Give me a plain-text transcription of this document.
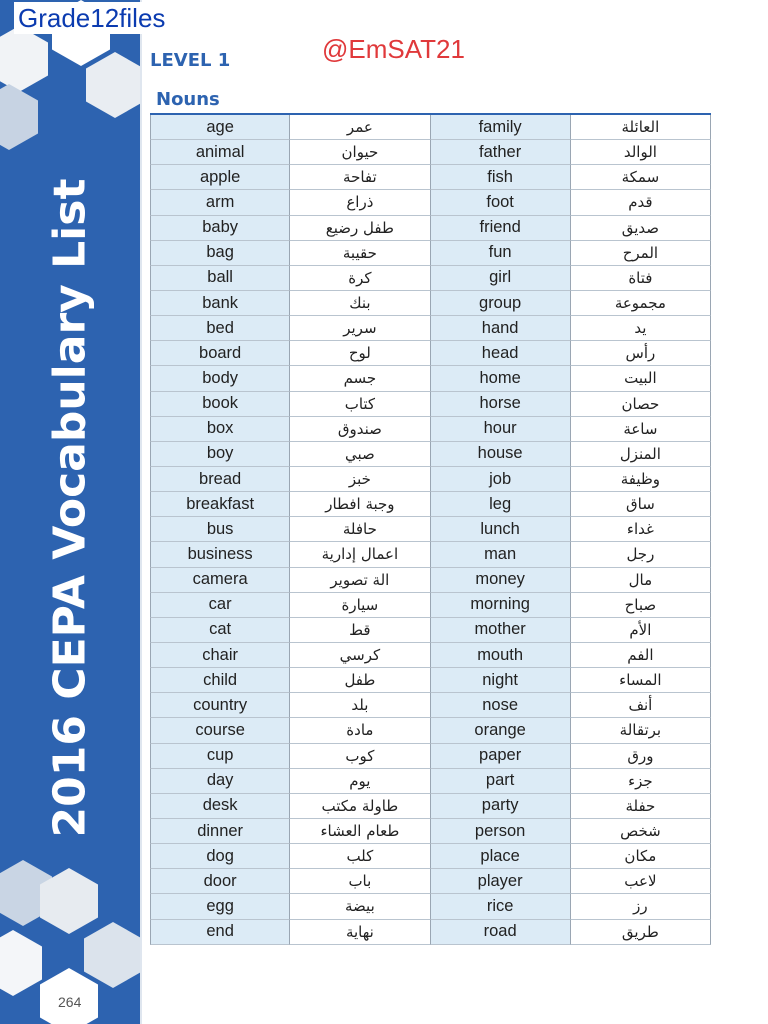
2016 CEPA Vocabulary List
264
Grade12files
@EmSAT21
LEVEL 1
Nouns
age	عمر	family	العائلة
animal	حيوان	father	الوالد
apple	تفاحة	fish	سمكة
arm	ذراع	foot	قدم
baby	طفل رضيع	friend	صديق
bag	حقيبة	fun	المرح
ball	كرة	girl	فتاة
bank	بنك	group	مجموعة
bed	سرير	hand	يد
board	لوح	head	رأس
body	جسم	home	البيت
book	كتاب	horse	حصان
box	صندوق	hour	ساعة
boy	صبي	house	المنزل
bread	خبز	job	وظيفة
breakfast	وجبة افطار	leg	ساق
bus	حافلة	lunch	غداء
business	اعمال إدارية	man	رجل
camera	الة تصوير	money	مال
car	سيارة	morning	صباح
cat	قط	mother	الأم
chair	كرسي	mouth	الفم
child	طفل	night	المساء
country	بلد	nose	أنف
course	مادة	orange	برتقالة
cup	كوب	paper	ورق
day	يوم	part	جزء
desk	طاولة مكتب	party	حفلة
dinner	طعام العشاء	person	شخص
dog	كلب	place	مكان
door	باب	player	لاعب
egg	بيضة	rice	رز
end	نهاية	road	طريق
